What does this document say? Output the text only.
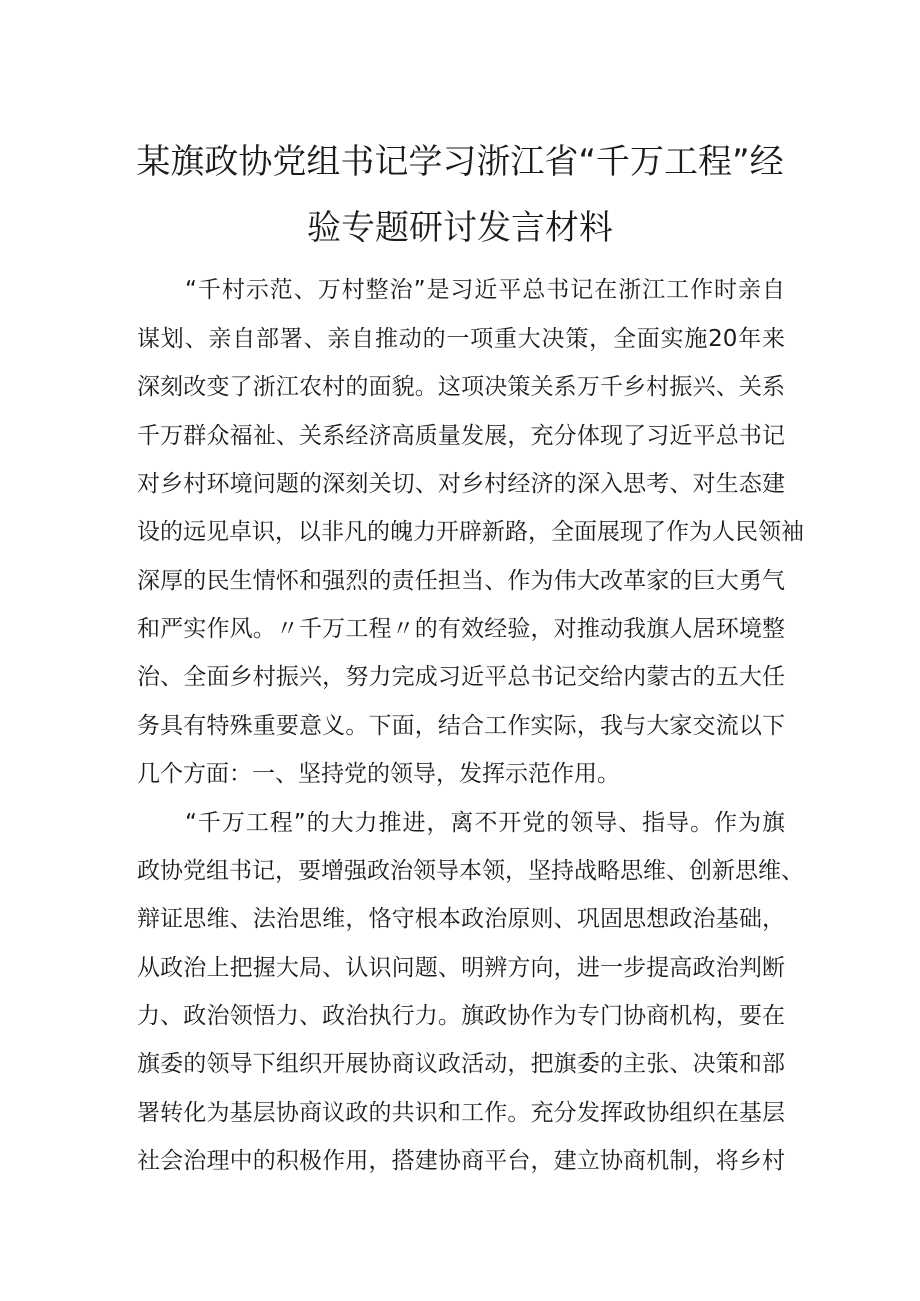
某旗政协党组书记学习浙江省“千万工程”经
验专题研讨发言材料
“千村示范、万村整治”是习近平总书记在浙江工作时亲自
谋划、亲自部署、亲自推动的一项重大决策，全面实施20年来
深刻改变了浙江农村的面貌。这项决策关系万千乡村振兴、关系
千万群众福祉、关系经济高质量发展，充分体现了习近平总书记
对乡村环境问题的深刻关切、对乡村经济的深入思考、对生态建
设的远见卓识，以非凡的魄力开辟新路，全面展现了作为人民领袖
深厚的民生情怀和强烈的责任担当、作为伟大改革家的巨大勇气
和严实作风。〃千万工程〃的有效经验，对推动我旗人居环境整
治、全面乡村振兴，努力完成习近平总书记交给内蒙古的五大任
务具有特殊重要意义。下面，结合工作实际，我与大家交流以下
几个方面：一、坚持党的领导，发挥示范作用。
“千万工程”的大力推进，离不开党的领导、指导。作为旗
政协党组书记，要增强政治领导本领，坚持战略思维、创新思维、
辩证思维、法治思维，恪守根本政治原则、巩固思想政治基础，
从政治上把握大局、认识问题、明辨方向，进一步提高政治判断
力、政治领悟力、政治执行力。旗政协作为专门协商机构，要在
旗委的领导下组织开展协商议政活动，把旗委的主张、决策和部
署转化为基层协商议政的共识和工作。充分发挥政协组织在基层
社会治理中的积极作用，搭建协商平台，建立协商机制，将乡村
